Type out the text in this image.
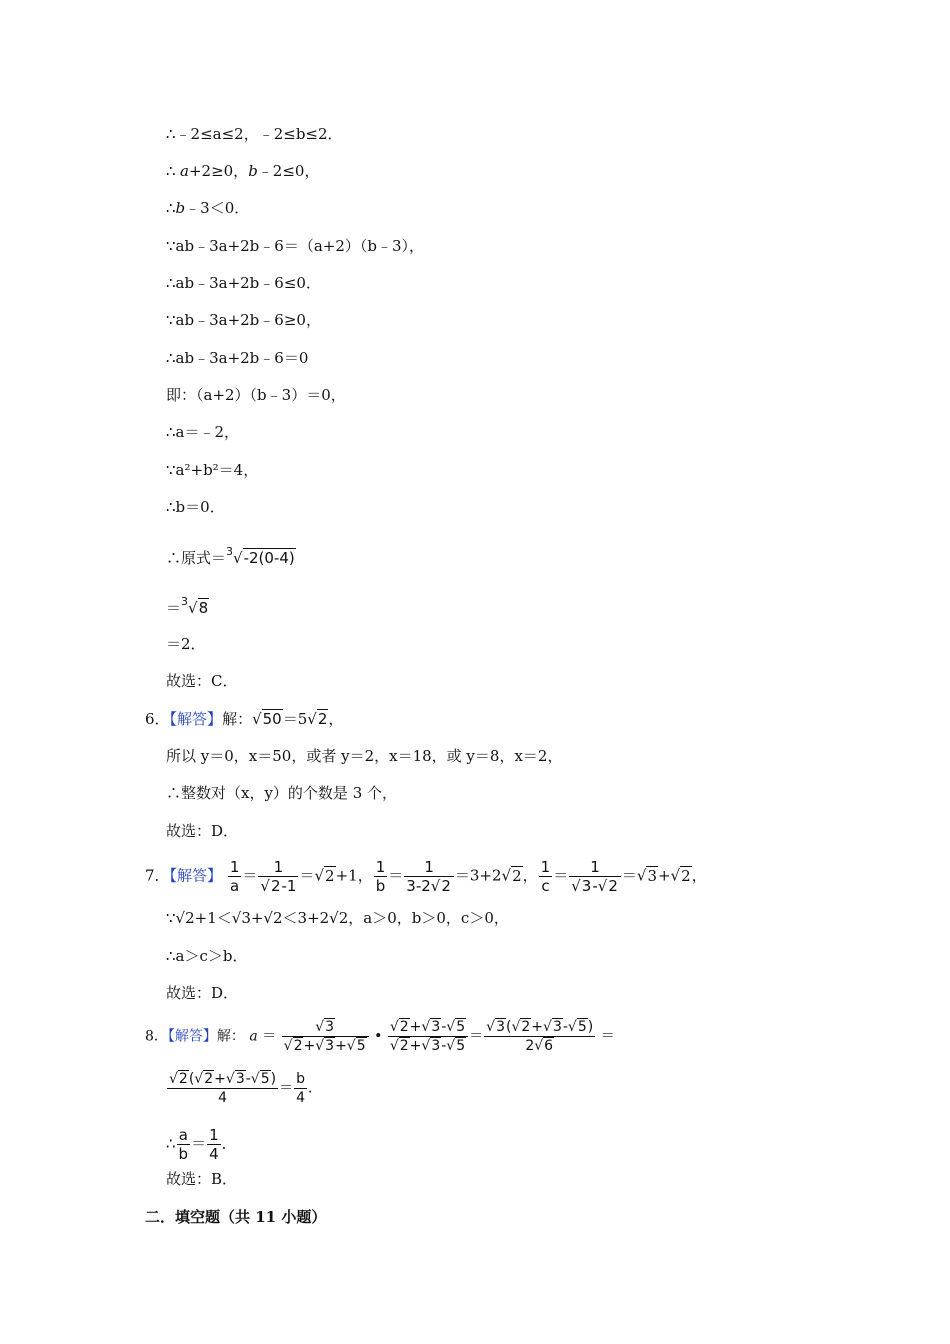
∴﹣2≤a≤2，﹣2≤b≤2．
∴ a+2≥0，b﹣2≤0，
∴b﹣3＜0．
∵ab﹣3a+2b﹣6＝（a+2）（b﹣3），
∴ab﹣3a+2b﹣6≤0．
∵ab﹣3a+2b﹣6≥0，
∴ab﹣3a+2b﹣6＝0
即：（a+2）（b﹣3）＝0，
∴a＝﹣2，
∵a²+b²＝4，
∴b＝0．
∴原式＝$^3$√-2(0-4)
＝$^3$√8
＝2．
故选：C．
6．【解答】解：√50＝5√2，
所以 y＝0，x＝50，或者 y＝2，x＝18，或 y＝8，x＝2，
∴整数对（x，y）的个数是 3 个，
故选：D．
7．【解答】 $\frac{1}{a} = \frac{1}{√2-1} =√2+1$， $\frac{1}{b} = \frac{1}{3-2√2} =3+2√2$， $\frac{1}{c} = \frac{1}{√3-√2} =√3+√2$，
∵√2+1＜√3+√2＜3+2√2，a＞0，b＞0，c＞0，
∴a＞c＞b．
故选：D．
8．【解答】解： $a = \frac{√3}{√2+√3+√5}$ • $\frac{√2+√3-√5}{√2+√3-√5} = \frac{√3(√2+√3-√5)}{2√6}$ ＝
$\frac{√2(√2+√3-√5)}{4} = \frac{b}{4}$ ．
∴ $\frac{a}{b} = \frac{1}{4}$ ．
故选：B．
二．填空题（共 11 小题）
